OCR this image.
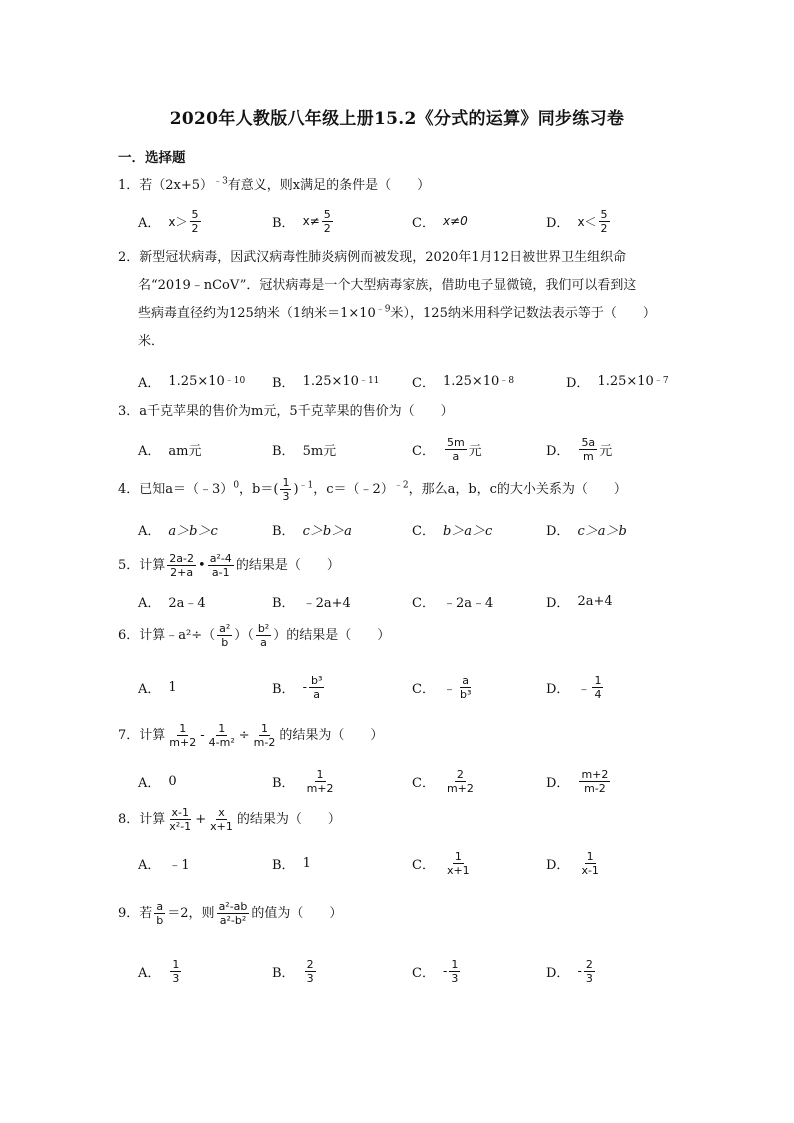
2020年人教版八年级上册15.2《分式的运算》同步练习卷
一．选择题
1．若$(2x+5)^{﹣3}$有意义，则x满足的条件是（　　）
A． $x> \frac{5}{2}$	B． $x\ne \frac{5}{2}$	C． x≠0	D． $x< \frac{5}{2}$
2．新型冠状病毒，因武汉病毒性肺炎病例而被发现，2020年1月12日被世界卫生组织命
名“2019﹣nCoV”．冠状病毒是一个大型病毒家族，借助电子显微镜，我们可以看到这
些病毒直径约为125纳米（1纳米$=1\times 10^{﹣9}$米），125纳米用科学记数法表示等于（　　）
米．
A． 1.25×10 ﹣10 B． 1.25×10 ﹣11	C． 1.25×10 ﹣8	D． 1.25×10 ﹣7
3．a千克苹果的售价为m元，5千克苹果的售价为（　　）
A． am元	B． 5m元	C． $\frac{5m}{a}$ 元	D． $\frac{5a}{m}$ 元
4．已知a＝（﹣3）$^0$，$b=( \frac{1}{3} )^{﹣1}$，c＝（﹣2）$^{﹣2}$，那么a，b，c的大小关系为（　　）
A． a＞b＞c	B． c＞b＞a	C． b＞a＞c	D． c＞a＞b
5．计算 $\frac{2a-2}{2+a}$ • $\frac{\text{a²-4}}{a-1}$ 的结果是（　　）
A． 2a﹣4	B． ﹣2a+4	C． ﹣2a﹣4	D． 2a+4
6．计算﹣a²÷（ $\frac{\text{a²}}{b}$ ）（ $\frac{\text{b²}}{a}$ ）的结果是（　　）
A． 1	B． - $\frac{\text{b³}}{a}$	C． ﹣ $\frac{a}{\text{b³}}$	D． ﹣ $\frac{1}{4}$
7．计算 $\frac{1}{m+2} - \frac{1}{\text{4-m²}} \div \frac{1}{m-2}$ 的结果为（　　）
A． 0	B． $\frac{1}{m+2}$	C． $\frac{2}{m+2}$	D． $\frac{m+2}{m-2}$
8．计算 $\frac{x-1}{\text{x²-1}} + \frac{x}{x+1}$ 的结果为（　　）
A． ﹣1	B． 1	C． $\frac{1}{x+1}$	D． $\frac{1}{x-1}$
9．若 $\frac{a}{b} =2$，则 $\frac{\text{a²-ab}}{\text{a²-b²}}$ 的值为（　　）
A． $\frac{1}{3}$	B． $\frac{2}{3}$	C． - $\frac{1}{3}$	D． - $\frac{2}{3}$
